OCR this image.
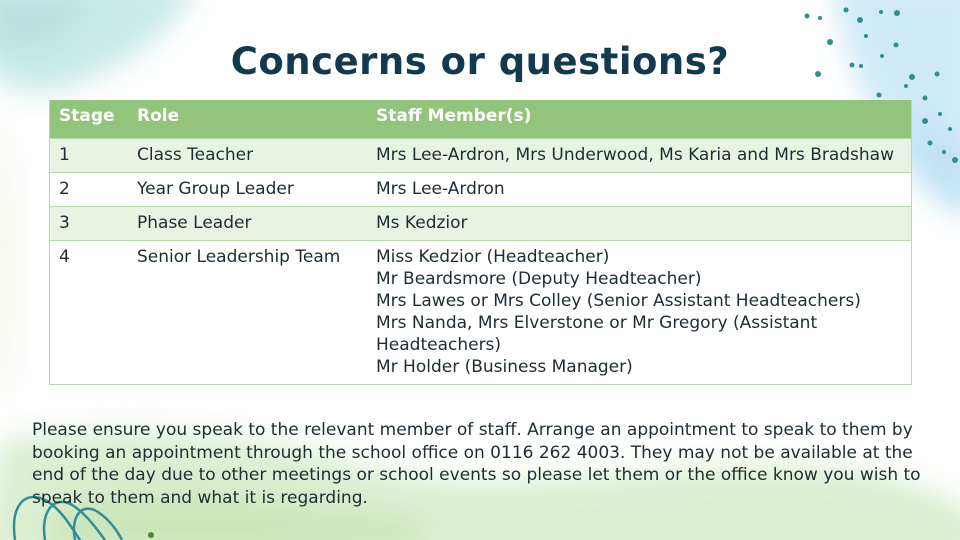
Concerns or questions?
Stage	Role	Staff Member(s)
1	Class Teacher	Mrs Lee-Ardron, Mrs Underwood, Ms Karia and Mrs Bradshaw

2	Year Group Leader	Mrs Lee-Ardron

3	Phase Leader	Ms Kedzior

4	Senior Leadership Team	Miss Kedzior (Headteacher)
Mr Beardsmore (Deputy Headteacher)
Mrs Lawes or Mrs Colley (Senior Assistant Headteachers)
Mrs Nanda, Mrs Elverstone or Mr Gregory (Assistant Headteachers)
Mr Holder (Business Manager)

Please ensure you speak to the relevant member of staff. Arrange an appointment to speak to them by booking an appointment through the school office on 0116 262 4003. They may not be available at the end of the day due to other meetings or school events so please let them or the office know you wish to speak to them and what it is regarding.
